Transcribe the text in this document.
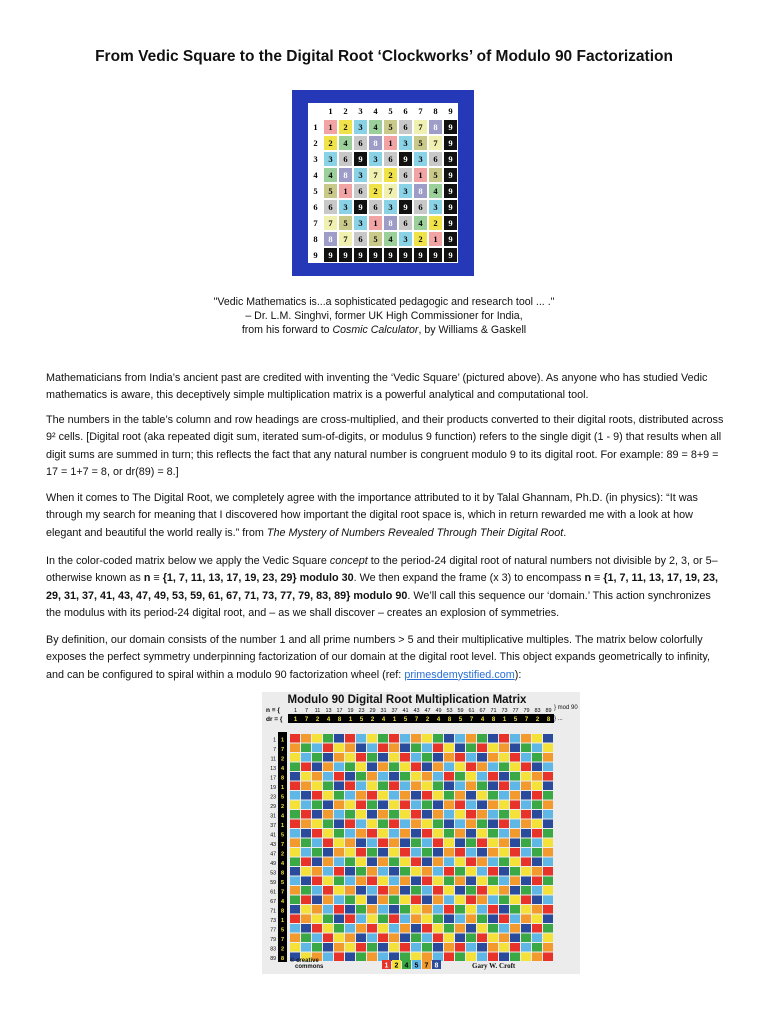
From Vedic Square to the Digital Root ‘Clockworks’ of Modulo 90 Factorization
1	2	3	4	5	6	7	8	9
1	1	2	3	4	5	6	7	8	9
2	2	4	6	8	1	3	5	7	9
3	3	6	9	3	6	9	3	6	9
4	4	8	3	7	2	6	1	5	9
5	5	1	6	2	7	3	8	4	9
6	6	3	9	6	3	9	6	3	9
7	7	5	3	1	8	6	4	2	9
8	8	7	6	5	4	3	2	1	9
9	9	9	9	9	9	9	9	9	9
"Vedic Mathematics is...a sophisticated pedagogic and research tool ... ."
– Dr. L.M. Singhvi, former UK High Commissioner for India,
from his forward to Cosmic Calculator, by Williams & Gaskell
Mathematicians from India’s ancient past are credited with inventing the ‘Vedic Square’ (pictured above). As anyone who has studied Vedic mathematics is aware, this deceptively simple multiplication matrix is a powerful analytical and computational tool.
The numbers in the table’s column and row headings are cross-multiplied, and their products converted to their digital roots, distributed across 9² cells. [Digital root (aka repeated digit sum, iterated sum-of-digits, or modulus 9 function) refers to the single digit (1 - 9) that results when all digit sums are summed in turn; this reflects the fact that any natural number is congruent modulo 9 to its digital root. For example: 89 = 8+9 = 17 = 1+7 = 8, or dr(89) = 8.]
When it comes to The Digital Root, we completely agree with the importance attributed to it by Talal Ghannam, Ph.D. (in physics): “It was through my search for meaning that I discovered how important the digital root space is, which in return rewarded me with a look at how elegant and beautiful the world really is.” from The Mystery of Numbers Revealed Through Their Digital Root.
In the color-coded matrix below we apply the Vedic Square concept to the period-24 digital root of natural numbers not divisible by 2, 3, or 5–otherwise known as n ≡ {1, 7, 11, 13, 17, 19, 23, 29} modulo 30. We then expand the frame (x 3) to encompass n ≡ {1, 7, 11, 13, 17, 19, 23, 29, 31, 37, 41, 43, 47, 49, 53, 59, 61, 67, 71, 73, 77, 79, 83, 89} modulo 90. We’ll call this sequence our ‘domain.’ This action synchronizes the modulus with its period-24 digital root, and – as we shall discover – creates an explosion of symmetries.
By definition, our domain consists of the number 1 and all prime numbers > 5 and their multiplicative multiples. The matrix below colorfully exposes the perfect symmetry underpinning factorization of our domain at the digital root level. This object expands geometrically to infinity, and can be configured to spiral within a modulo 90 factorization wheel (ref: primesdemystified.com):
Modulo 90 Digital Root Multiplication Matrix
n ≡ {
dr = {
1 7 11 13 17 19 23 29 31 37 41 43 47 49 53 59 61 67 71 73 77 79 83 89
1 7 2 4 8 1 5 2 4 1 5 7 2 4 8 5 7 4 8 1 5 7 2 8
1 1
7 7
11 2
13 4
17 8
19 1
23 5
29 2
31 4
37 1
41 5
43 7
47 2
49 4
53 8
59 5
61 7
67 4
71 8
73 1
77 5
79 7
83 2
89 8
1 2 4 5 7 8
} mod 90
} ...
© creative
commons	Gary W. Croft
